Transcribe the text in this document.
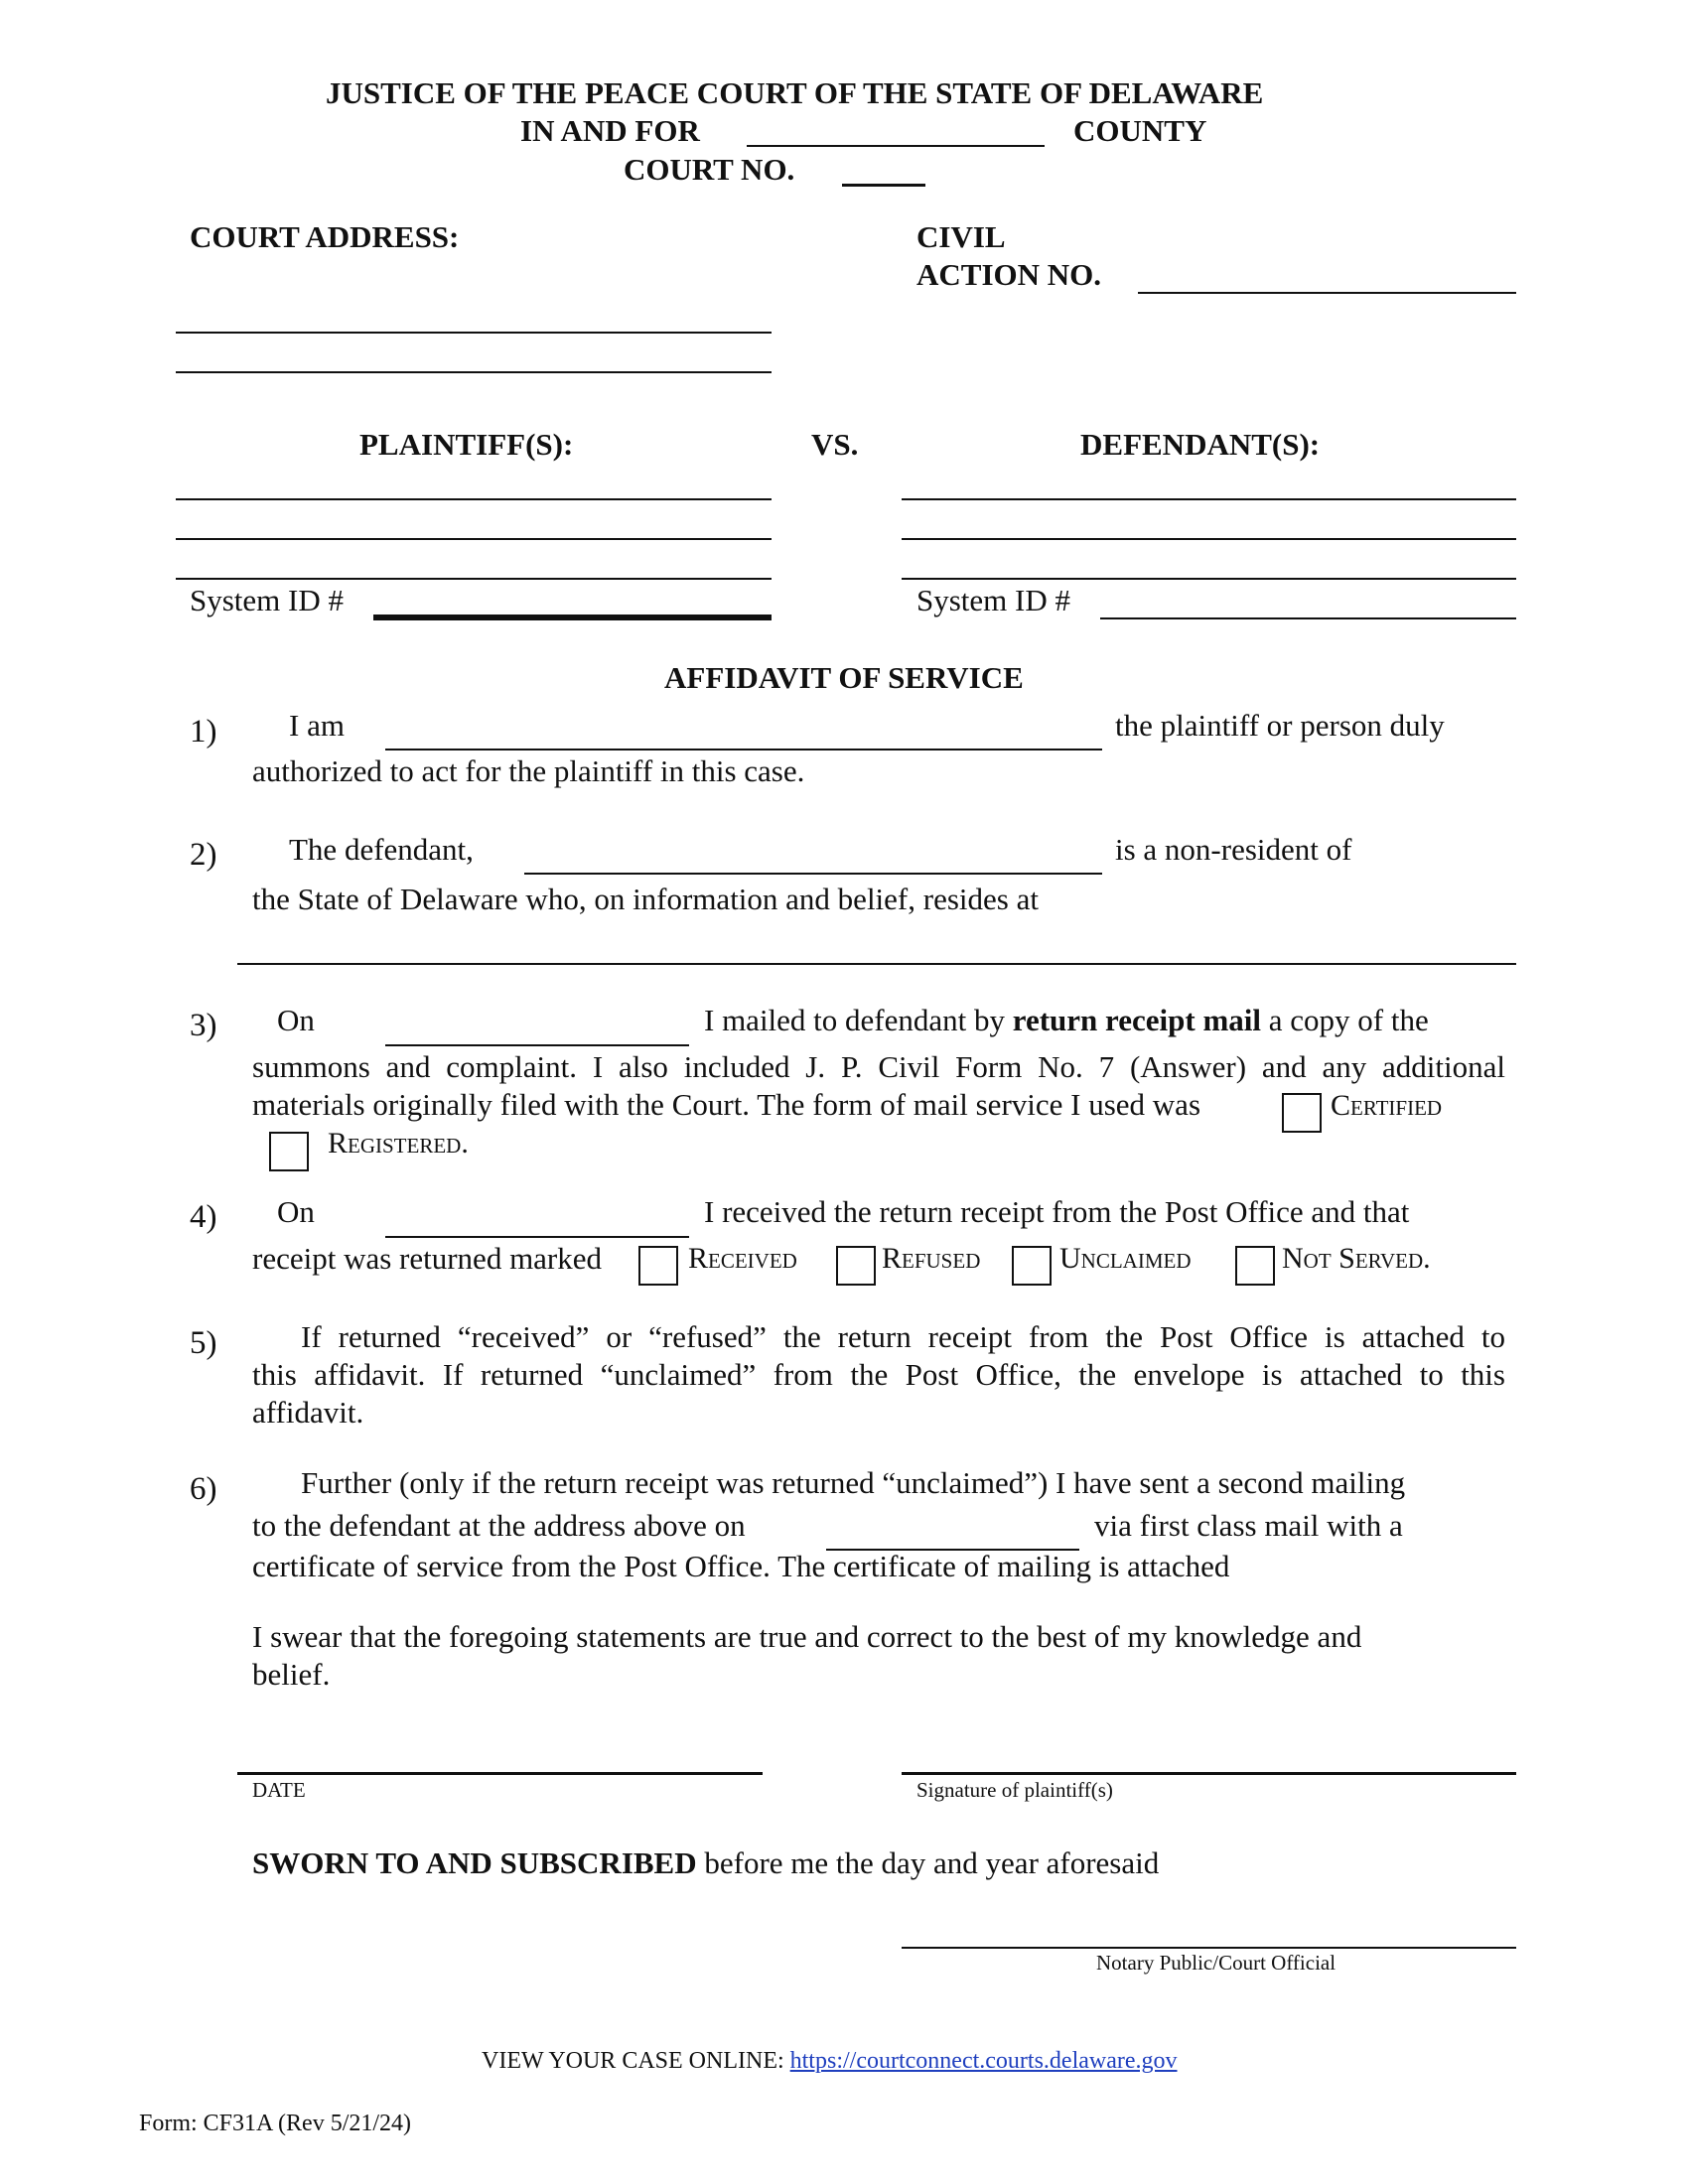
JUSTICE OF THE PEACE COURT OF THE STATE OF DELAWARE
IN AND FOR	COUNTY
COURT NO.
COURT ADDRESS:	CIVIL
ACTION NO.
PLAINTIFF(S):	VS.	DEFENDANT(S):
System ID #	System ID #
AFFIDAVIT OF SERVICE
1) I am	the plaintiff or person duly
authorized to act for the plaintiff in this case.
2) The defendant,	is a non-resident of
the State of Delaware who, on information and belief, resides at
3) On	I mailed to defendant by return receipt mail a copy of the
summons and complaint. I also included J. P. Civil Form No. 7 (Answer) and any additional
materials originally filed with the Court. The form of mail service I used was	Certified
Registered.
4) On	I received the return receipt from the Post Office and that
receipt was returned marked	Received	Refused	Unclaimed	Not Served.
5)	If returned “received” or “refused” the return receipt from the Post Office is attached to
this affidavit. If returned “unclaimed” from the Post Office, the envelope is attached to this
affidavit.
6)	Further (only if the return receipt was returned “unclaimed”) I have sent a second mailing
to the defendant at the address above on	via first class mail with a
certificate of service from the Post Office. The certificate of mailing is attached
I swear that the foregoing statements are true and correct to the best of my knowledge and
belief.
DATE	Signature of plaintiff(s)
SWORN TO AND SUBSCRIBED before me the day and year aforesaid
Notary Public/Court Official
VIEW YOUR CASE ONLINE: https://courtconnect.courts.delaware.gov
Form: CF31A (Rev 5/21/24)
